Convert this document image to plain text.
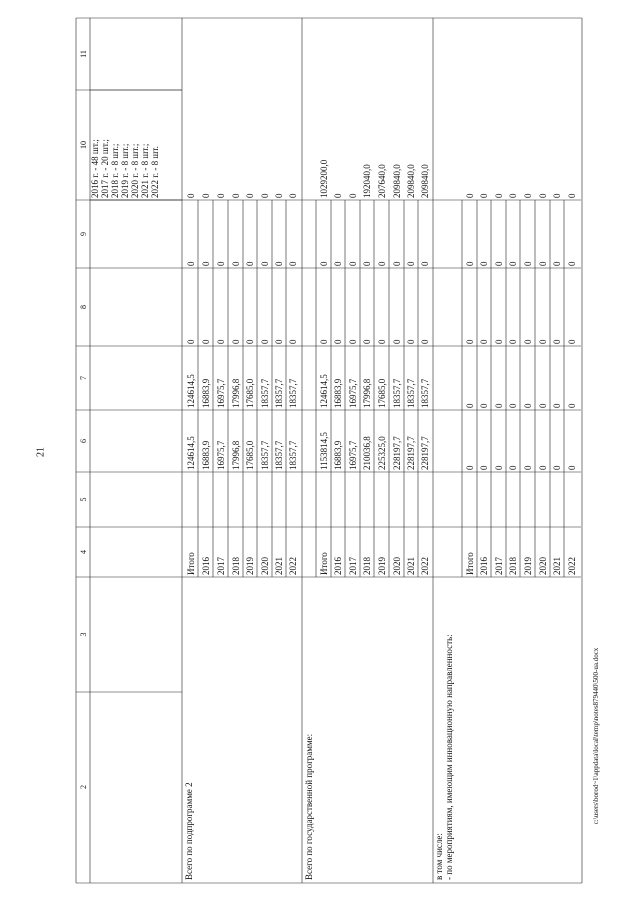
21
c:\users\borod~1\appdata\local\temp\notes879440\500-ua.docx
11
10
9
8
7
6
5
4
3
2	Всего по подпрограмме 2
Итого
124614,5
124614,5
0
0
0
2016
16883,9
16883,9
0
0
0
2017
16975,7
16975,7
0
0
0
2018
17996,8
17996,8
0
0
0
2019
17685,0
17685,0
0
0
0
2020
18357,7
18357,7
0
0
0
2021
18357,7
18357,7
0
0
0
2022
18357,7
18357,7
0
0
0
2016 г. - 48 шт.; 2017 г. - 20 шт.; 2018 г. - 8 шт.; 2019 г. - 8 шт.; 2020 г. - 8 шт.; 2021 г. - 8 шт.; 2022 г. - 8 шт.
Всего по государственной программе:
Итого
1153814,5
124614,5
0
0
1029200,0
2016
16883,9
16883,9
0
0
0
2017
16975,7
16975,7
0
0
0
2018
210036,8
17996,8
0
0
192040,0
2019
225325,0
17685,0
0
0
207640,0
2020
228197,7
18357,7
0
0
209840,0
2021
228197,7
18357,7
0
0
209840,0
2022
228197,7
18357,7
0
0
209840,0
в том числе: - по мероприятиям, имеющим инновационную направленность:
Итого
0
0
0
0
0
2016
0
0
0
0
0
2017
0
0
0
0
0
2018
0
0
0
0
0
2019
0
0
0
0
0
2020
0
0
0
0
0
2021
0
0
0
0
0
2022
0
0
0
0
0
